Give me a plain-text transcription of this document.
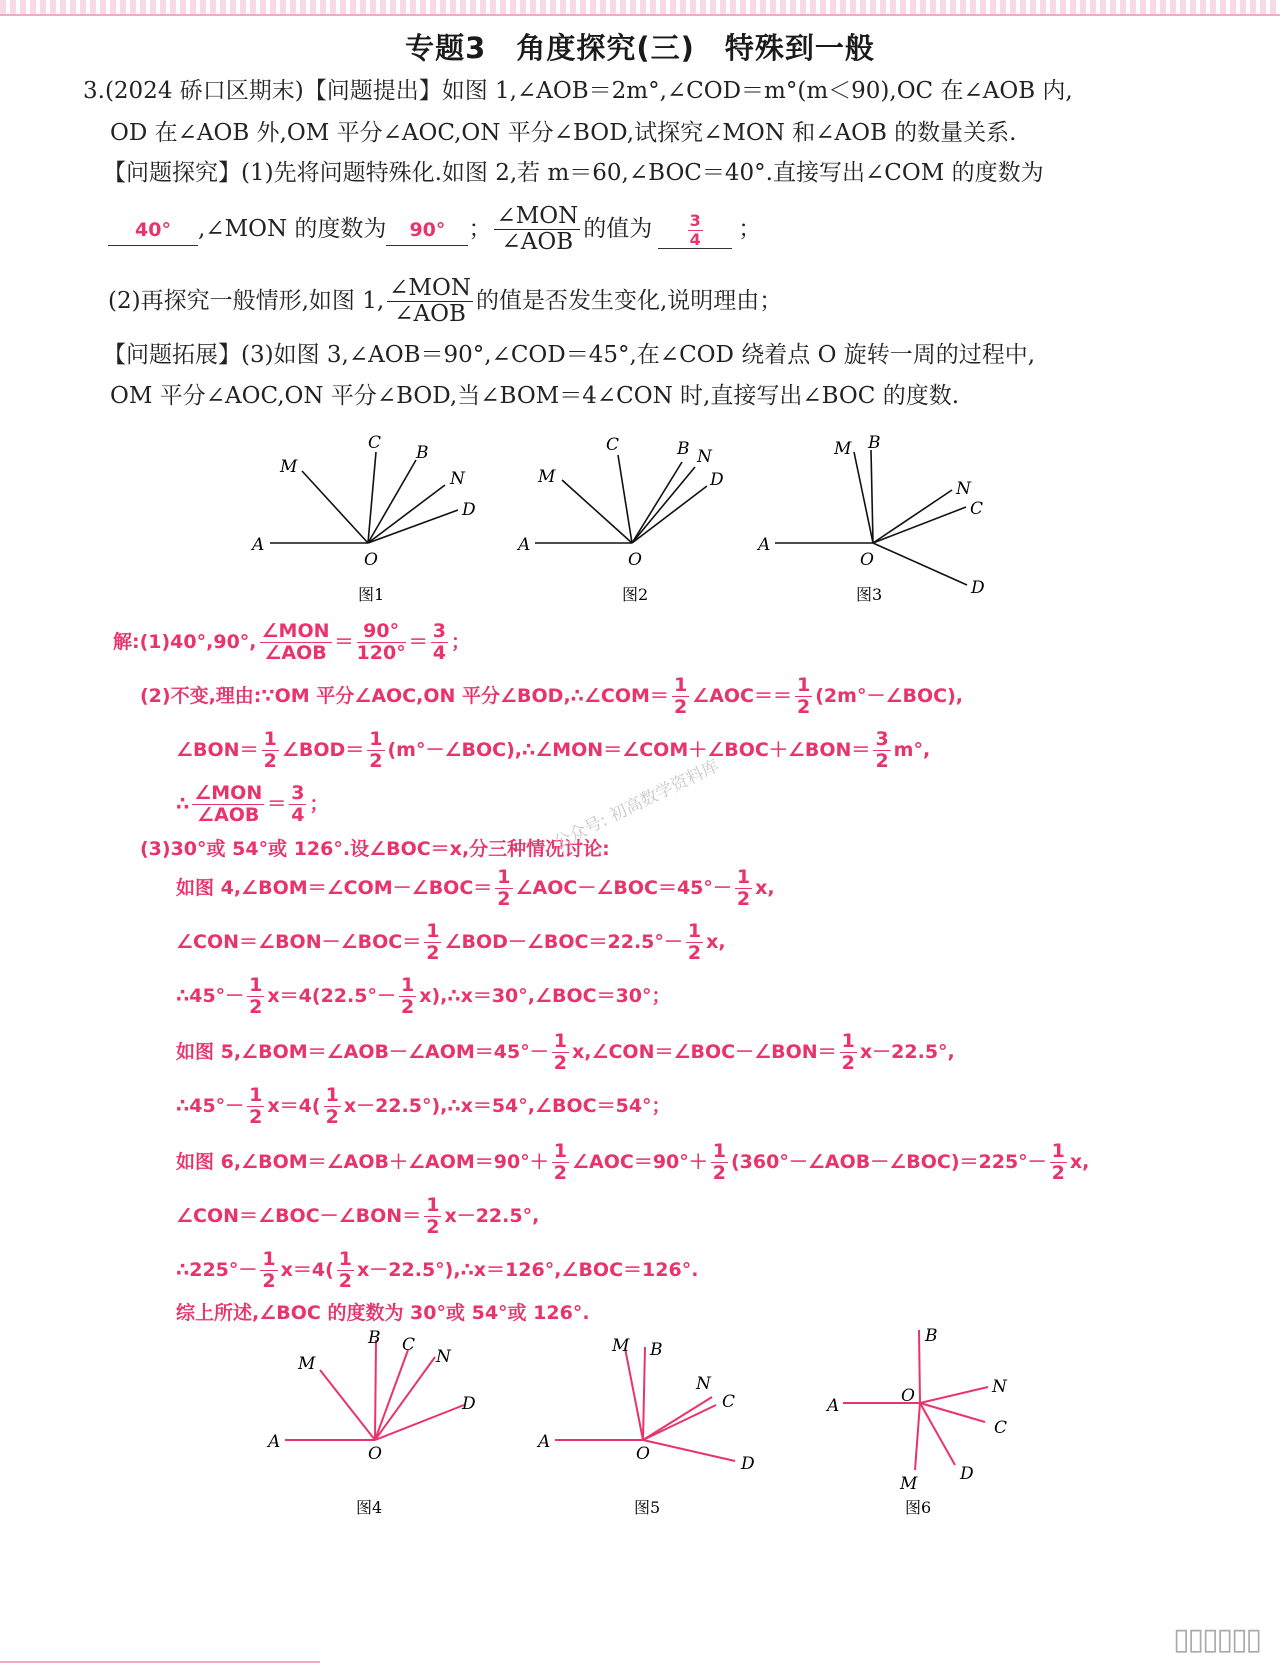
专题3　角度探究(三)　特殊到一般
3.(2024 硚口区期末)【问题提出】如图 1,∠AOB＝2m°,∠COD＝m°(m＜90),OC 在∠AOB 内,
OD 在∠AOB 外,OM 平分∠AOC,ON 平分∠BOD,试探究∠MON 和∠AOB 的数量关系.
【问题探究】(1)先将问题特殊化.如图 2,若 m＝60,∠BOC＝40°.直接写出∠COM 的度数为
40° ,∠MON 的度数为 90° ； $\frac{\text{∠MON}}{\text{∠AOB}}$ 的值为 $\frac{3}{4}$ ；
(2)再探究一般情形,如图 1, $\frac{\text{∠MON}}{\text{∠AOB}}$ 的值是否发生变化,说明理由；
【问题拓展】(3)如图 3,∠AOB＝90°,∠COD＝45°,在∠COD 绕着点 O 旋转一周的过程中,
OM 平分∠AOC,ON 平分∠BOD,当∠BOM＝4∠CON 时,直接写出∠BOC 的度数.
A
O
M
C B
N
D
图1
A
O
M
C	B N
D
图2
A
O
M B
N
C
D
图3
解:(1)40°,90°, $\frac{\text{∠MON}}{\text{∠AOB}} = \frac{90^\circ}{120^\circ} = \frac{3}{4}$ ；
(2)不变,理由:∵OM 平分∠AOC,ON 平分∠BOD,∴∠COM＝ $\frac{1}{2}$ ∠AOC＝＝ $\frac{1}{2}$ (2m°－∠BOC),
∠BON＝ $\frac{1}{2}$ ∠BOD＝ $\frac{1}{2}$ (m°－∠BOC),∴∠MON＝∠COM＋∠BOC＋∠BON＝ $\frac{3}{2} m^\circ$,
∴ $\frac{\text{∠MON}}{\text{∠AOB}} = \frac{3}{4}$ ；
(3)30°或 54°或 126°.设∠BOC＝x,分三种情况讨论:
如图 4,∠BOM＝∠COM－∠BOC＝ $\frac{1}{2}$ ∠AOC－∠BOC＝45°－ $\frac{1}{2} x$,
∠CON＝∠BON－∠BOC＝ $\frac{1}{2}$ ∠BOD－∠BOC＝22.5°－ $\frac{1}{2} x$,
∴45°－ $\frac{1}{2} x=4(22.5^\circ- \frac{1}{2}$ x),∴x＝30°,∠BOC＝30°；
如图 5,∠BOM＝∠AOB－∠AOM＝45°－ $\frac{1}{2}$ x,∠CON＝∠BOC－∠BON＝ $\frac{1}{2} x-22.5^\circ$,
∴45°－ $\frac{1}{2} x=4( \frac{1}{2}$ x－22.5°),∴x＝54°,∠BOC＝54°；
如图 6,∠BOM＝∠AOB＋∠AOM＝90°＋ $\frac{1}{2}$ ∠AOC＝90°＋ $\frac{1}{2}$ (360°－∠AOB－∠BOC)＝225°－ $\frac{1}{2} x$,
∠CON＝∠BOC－∠BON＝ $\frac{1}{2} x-22.5^\circ$,
∴225°－ $\frac{1}{2} x=4( \frac{1}{2}$ x－22.5°),∴x＝126°,∠BOC＝126°.
综上所述,∠BOC 的度数为 30°或 54°或 126°.
公众号: 初高数学资料库
A
O
M
B C
N
D
图4
A
O
M B
N
C
D
图5
A	O
B
N
C
D
M
图6
▯▯▯▯▯▯
